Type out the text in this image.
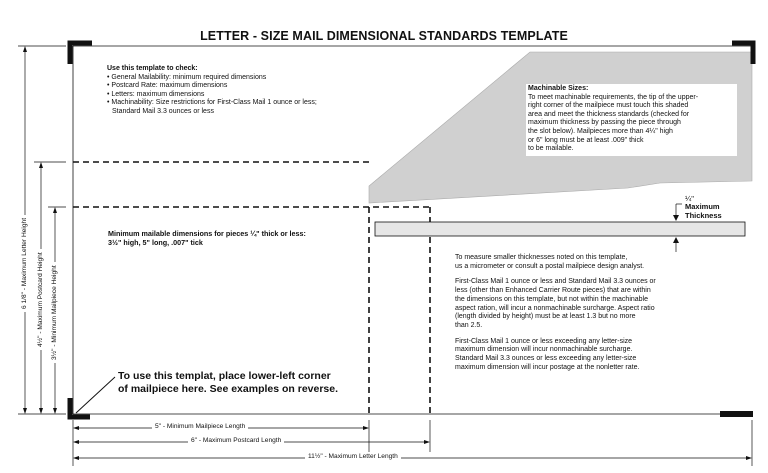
LETTER - SIZE MAIL DIMENSIONAL STANDARDS TEMPLATE
Use this template to check:
• General Mailability: minimum required dimensions
• Postcard Rate: maximum dimensions
• Letters: maximum dimensions
• Machinability: Size restrictions for First-Class Mail 1 ounce or less;
Standard Mail 3.3 ounces or less
Machinable Sizes:
To meet machinable requirements, the tip of the upper-
right corner of the mailpiece must touch this shaded
area and meet the thickness standards (checked for
maximum thickness by passing the piece through
the slot below). Mailpieces more than 4¼" high
or 6" long must be at least .009" thick
to be mailable.
¼"
Maximum
Thickness
Minimum mailable dimensions for pieces ¼" thick or less:
3½" high, 5" long, .007" tick

To measure smaller thicknesses noted on this template,
us a micrometer or consult a postal mailpiece design analyst.

First-Class Mail 1 ounce or less and Standard Mail 3.3 ounces or
less (other than Enhanced Carrier Route pieces) that are within
the dimensions on this template, but not within the machinable
aspect ration, will incur a nonmachinable surcharge. Aspect ratio
(length divided by height) must be at least 1.3 but no more
than 2.5.

First-Class Mail 1 ounce or less exceeding any letter-size
maximum dimension will incur nonmachinable surcharge.
Standard Mail 3.3 ounces or less exceeding any letter-size
maximum dimension will incur postage at the nonletter rate.

To use this templat, place lower-left corner
of mailpiece here. See examples on reverse.
5" - Minimum Mailpiece Length
6" - Maximum Postcard Length
11½" - Maximum Letter Length
6 1/8" - Maximum Letter Height 4½" - Maximum Postcard Height 3½" - Minimum Mailpiece Height
